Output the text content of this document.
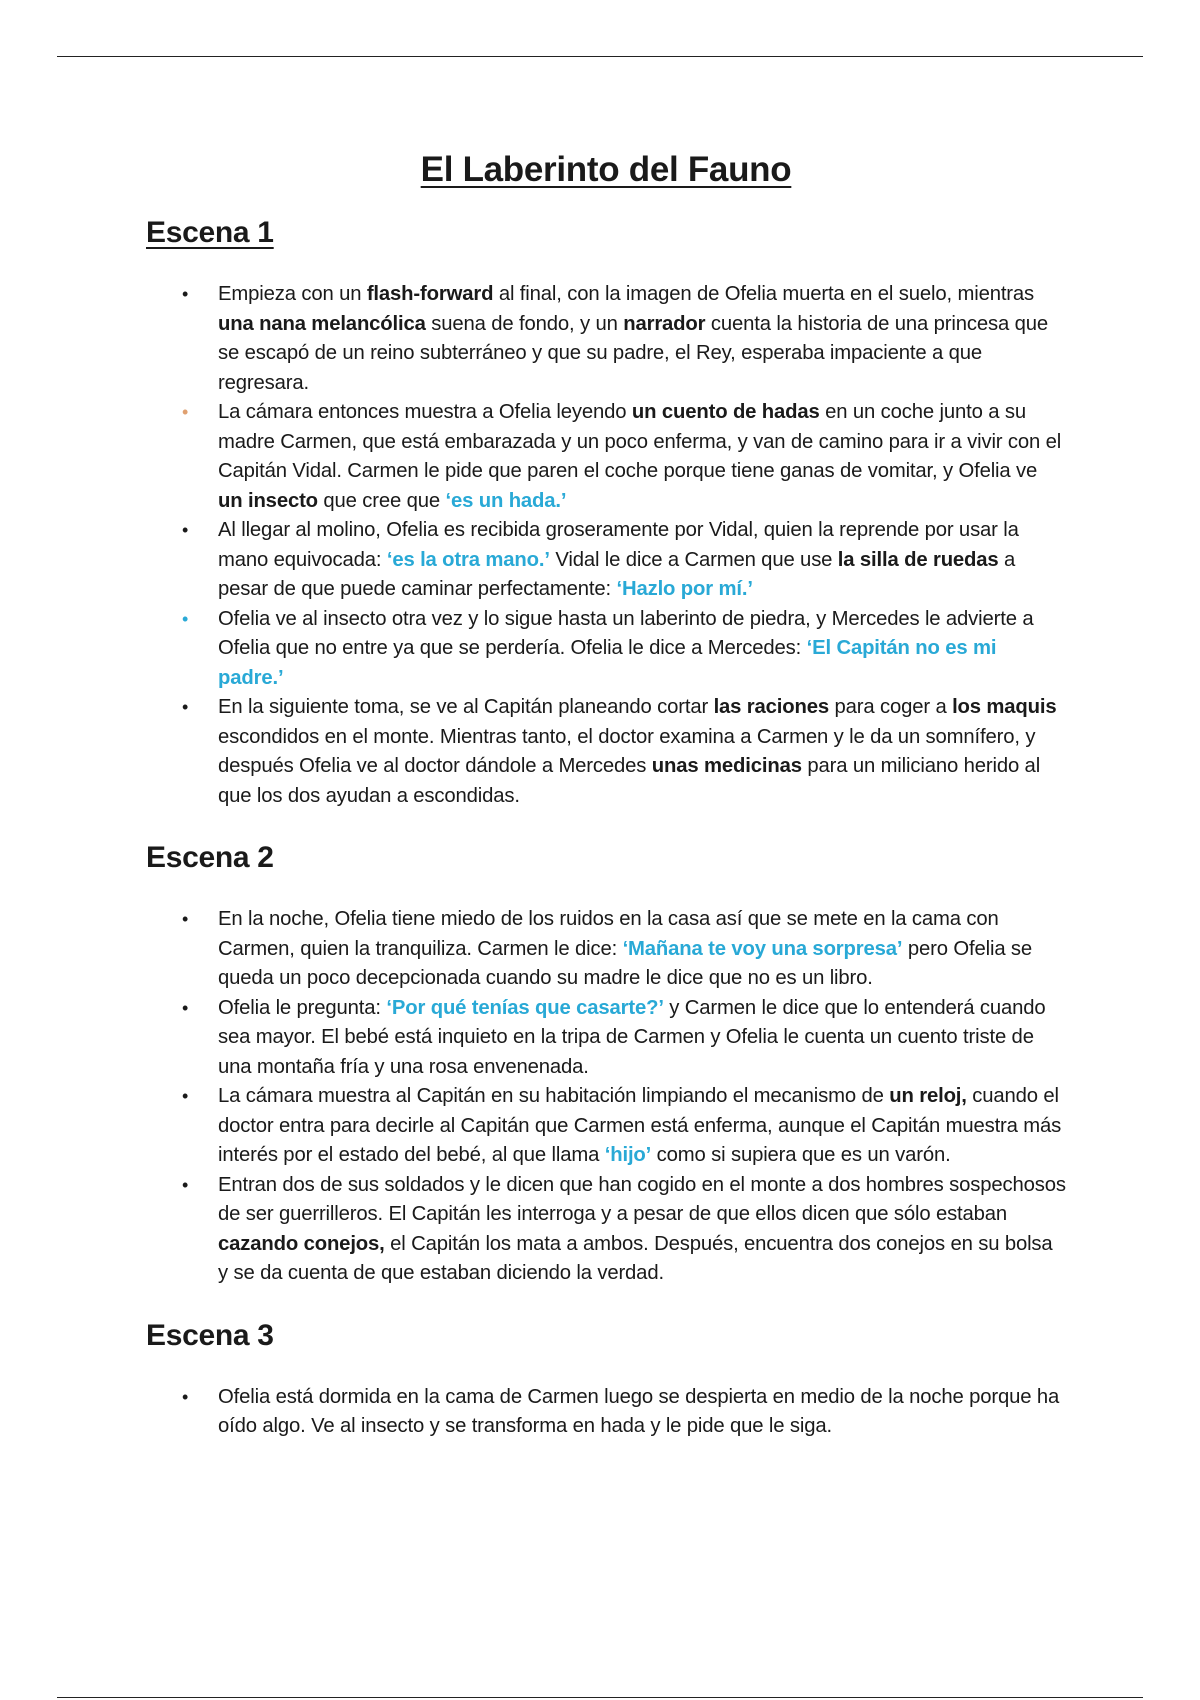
El Laberinto del Fauno
Escena 1
• Empieza con un flash-forward al final, con la imagen de Ofelia muerta en el suelo, mientras una nana melancólica suena de fondo, y un narrador cuenta la historia de una princesa que se escapó de un reino subterráneo y que su padre, el Rey, esperaba impaciente a que regresara.
• La cámara entonces muestra a Ofelia leyendo un cuento de hadas en un coche junto a su madre Carmen, que está embarazada y un poco enferma, y van de camino para ir a vivir con el Capitán Vidal. Carmen le pide que paren el coche porque tiene ganas de vomitar, y Ofelia ve un insecto que cree que ‘es un hada.’
• Al llegar al molino, Ofelia es recibida groseramente por Vidal, quien la reprende por usar la mano equivocada: ‘es la otra mano.’ Vidal le dice a Carmen que use la silla de ruedas a pesar de que puede caminar perfectamente: ‘Hazlo por mí.’
• Ofelia ve al insecto otra vez y lo sigue hasta un laberinto de piedra, y Mercedes le advierte a Ofelia que no entre ya que se perdería. Ofelia le dice a Mercedes: ‘El Capitán no es mi padre.’
• En la siguiente toma, se ve al Capitán planeando cortar las raciones para coger a los maquis escondidos en el monte. Mientras tanto, el doctor examina a Carmen y le da un somnífero, y después Ofelia ve al doctor dándole a Mercedes unas medicinas para un miliciano herido al que los dos ayudan a escondidas.
Escena 2
• En la noche, Ofelia tiene miedo de los ruidos en la casa así que se mete en la cama con Carmen, quien la tranquiliza. Carmen le dice: ‘Mañana te voy una sorpresa’ pero Ofelia se queda un poco decepcionada cuando su madre le dice que no es un libro.
• Ofelia le pregunta: ‘Por qué tenías que casarte?’ y Carmen le dice que lo entenderá cuando sea mayor. El bebé está inquieto en la tripa de Carmen y Ofelia le cuenta un cuento triste de una montaña fría y una rosa envenenada.
• La cámara muestra al Capitán en su habitación limpiando el mecanismo de un reloj, cuando el doctor entra para decirle al Capitán que Carmen está enferma, aunque el Capitán muestra más interés por el estado del bebé, al que llama ‘hijo’ como si supiera que es un varón.
• Entran dos de sus soldados y le dicen que han cogido en el monte a dos hombres sospechosos de ser guerrilleros. El Capitán les interroga y a pesar de que ellos dicen que sólo estaban cazando conejos, el Capitán los mata a ambos. Después, encuentra dos conejos en su bolsa y se da cuenta de que estaban diciendo la verdad.
Escena 3
• Ofelia está dormida en la cama de Carmen luego se despierta en medio de la noche porque ha oído algo. Ve al insecto y se transforma en hada y le pide que le siga.
